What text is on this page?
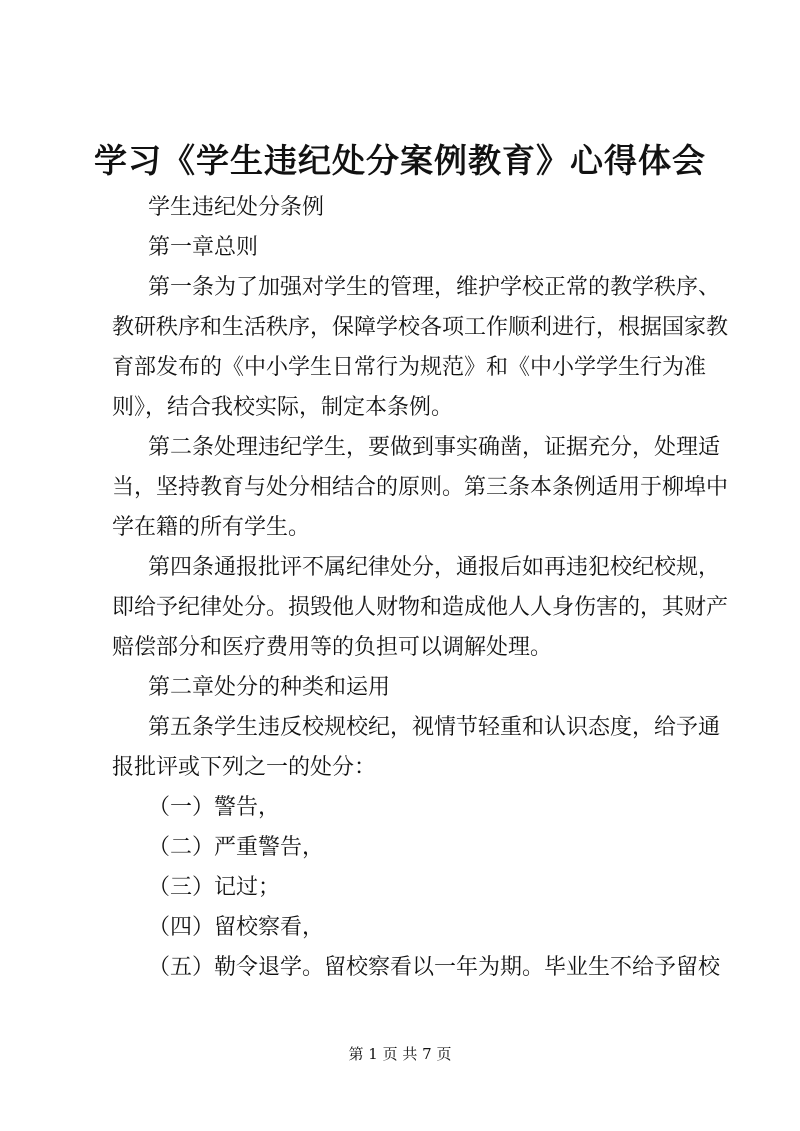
学习《学生违纪处分案例教育》心得体会
学生违纪处分条例
第一章总则
第一条为了加强对学生的管理，维护学校正常的教学秩序、
教研秩序和生活秩序，保障学校各项工作顺利进行，根据国家教
育部发布的《中小学生日常行为规范》和《中小学学生行为准
则》，结合我校实际，制定本条例。
第二条处理违纪学生，要做到事实确凿，证据充分，处理适
当，坚持教育与处分相结合的原则。第三条本条例适用于柳埠中
学在籍的所有学生。
第四条通报批评不属纪律处分，通报后如再违犯校纪校规，
即给予纪律处分。损毁他人财物和造成他人人身伤害的，其财产
赔偿部分和医疗费用等的负担可以调解处理。
第二章处分的种类和运用
第五条学生违反校规校纪，视情节轻重和认识态度，给予通
报批评或下列之一的处分：
（一）警告，
（二）严重警告，
（三）记过；
（四）留校察看，
（五）勒令退学。留校察看以一年为期。毕业生不给予留校
第 1 页 共 7 页
